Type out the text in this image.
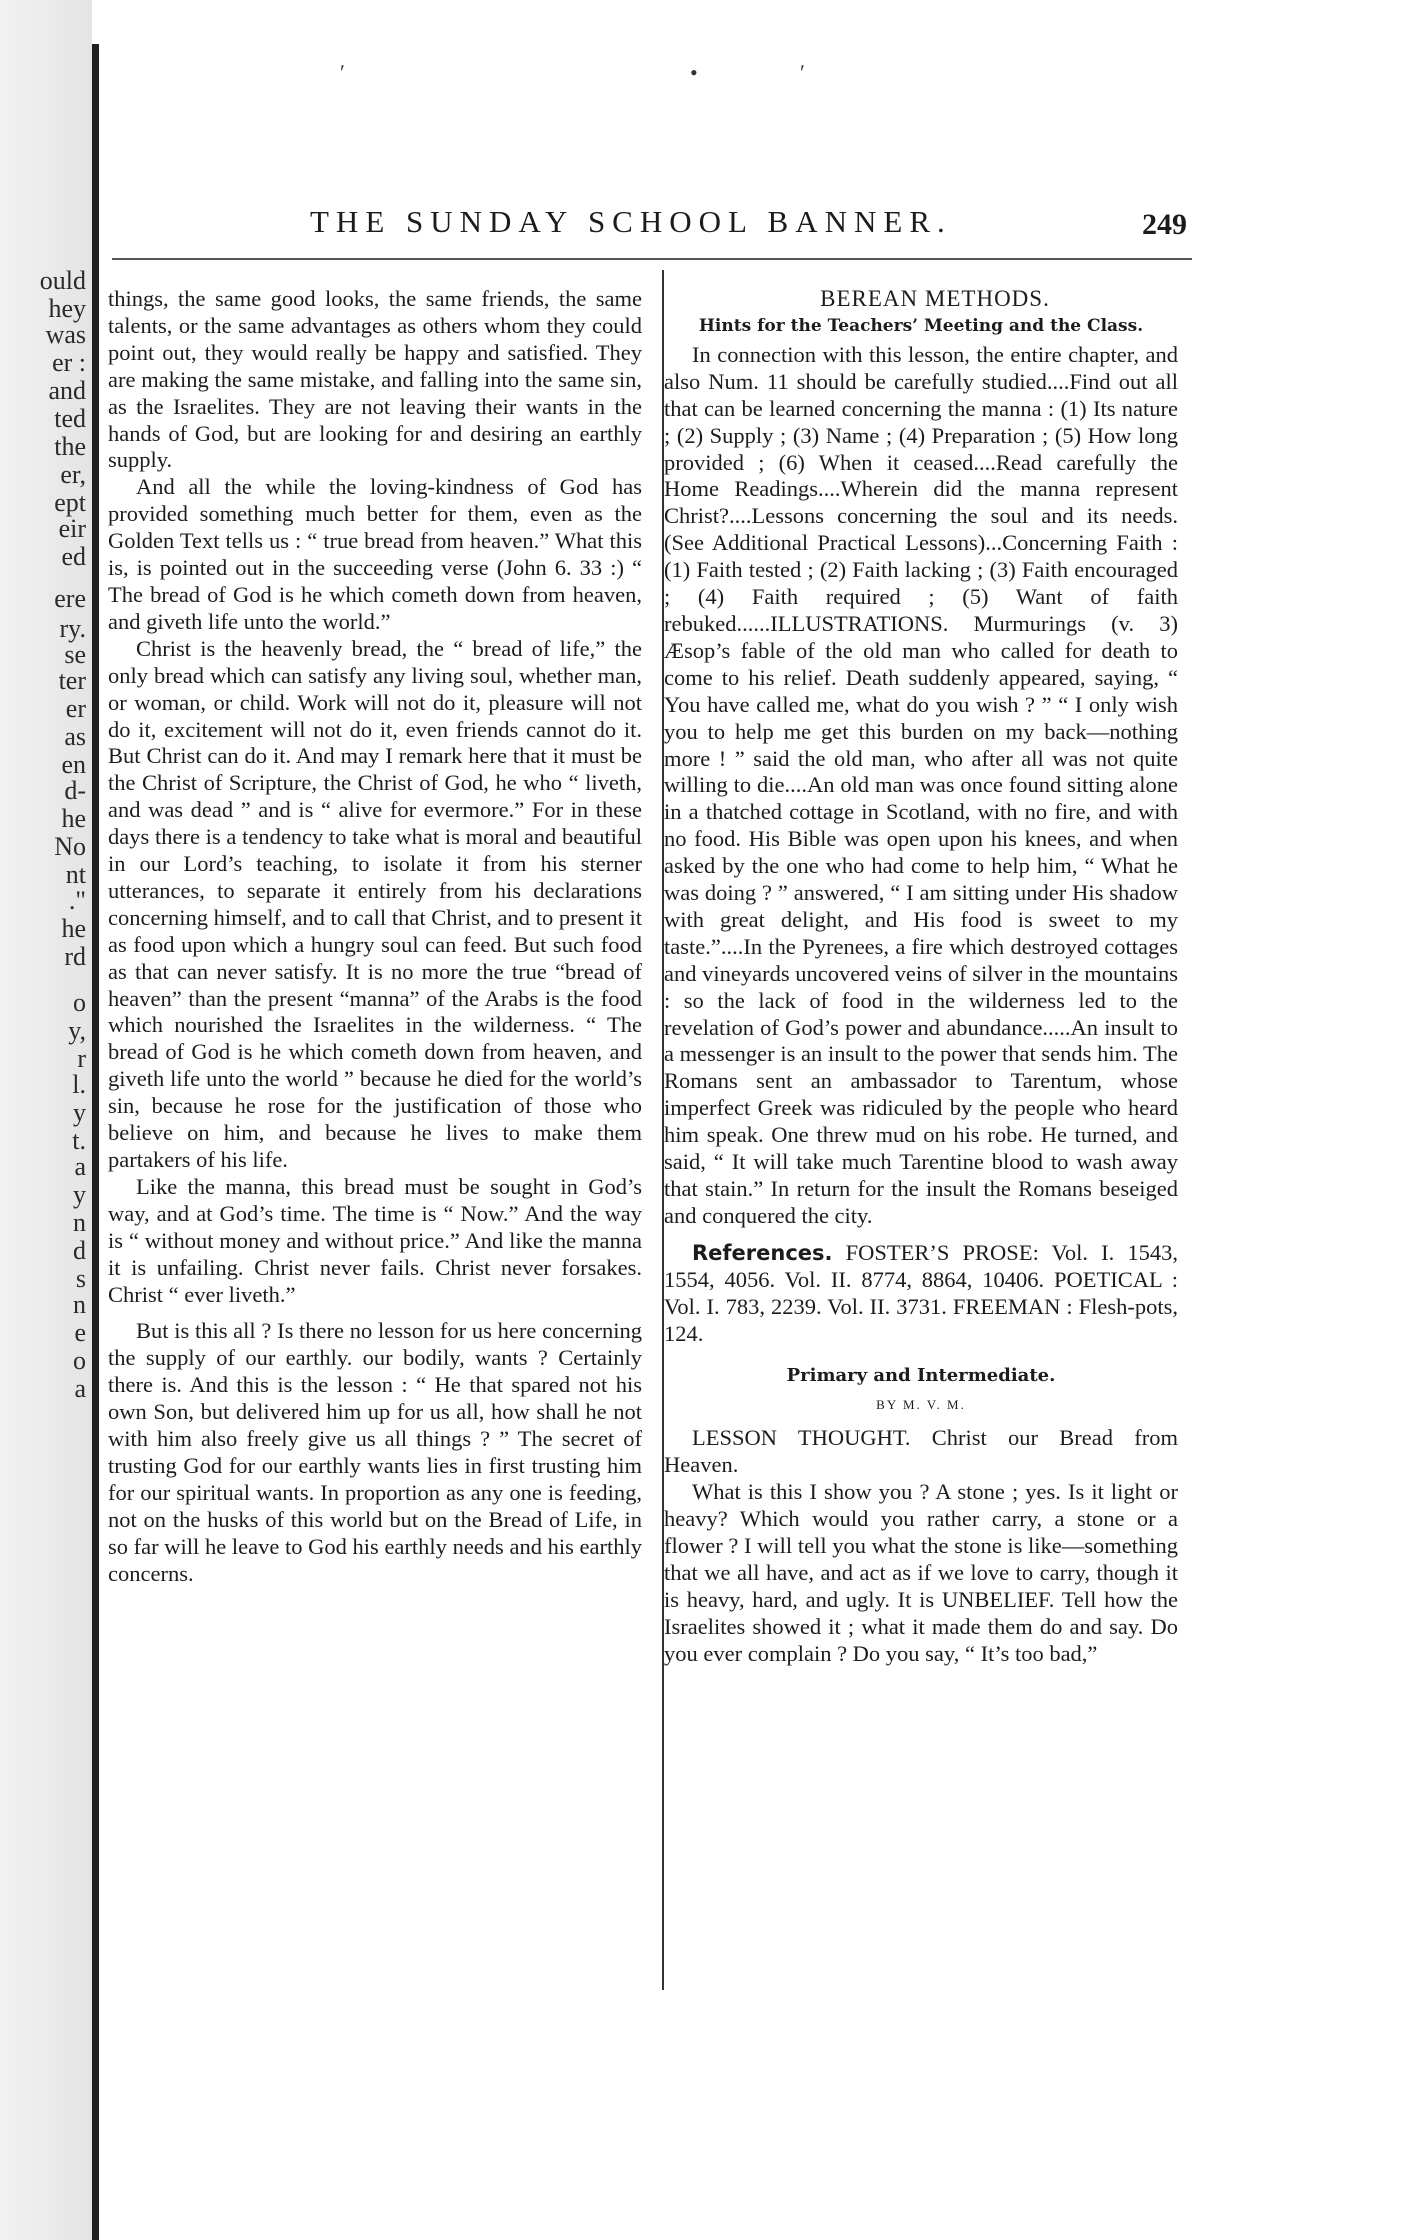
ould
hey
was
er :
and
ted
the
er,
ept
eir
ed
ere
ry.
se
ter
er
as
en
d-
he
No
nt
."
he
rd
o
y,
r
l.
y
t.
a
y
n
d
s
n
e
o
a
ʹ	•	ʹ
THE SUNDAY SCHOOL BANNER.	249

things, the same good looks, the same friends, the same talents, or the same advantages as others whom they could point out, they would really be happy and satisfied. They are making the same mistake, and falling into the same sin, as the Israelites. They are not leaving their wants in the hands of God, but are looking for and desiring an earthly supply.

And all the while the loving-kindness of God has provided something much better for them, even as the Golden Text tells us : “ true bread from heaven.” What this is, is pointed out in the succeeding verse (John 6. 33 :) “ The bread of God is he which cometh down from heaven, and giveth life unto the world.”

Christ is the heavenly bread, the “ bread of life,” the only bread which can satisfy any living soul, whether man, or woman, or child. Work will not do it, pleasure will not do it, excitement will not do it, even friends cannot do it. But Christ can do it. And may I remark here that it must be the Christ of Scripture, the Christ of God, he who “ liveth, and was dead ” and is “ alive for evermore.” For in these days there is a tendency to take what is moral and beautiful in our Lord’s teaching, to isolate it from his sterner utterances, to separate it entirely from his declarations concerning himself, and to call that Christ, and to present it as food upon which a hungry soul can feed. But such food as that can never satisfy. It is no more the true “bread of heaven” than the present “manna” of the Arabs is the food which nourished the Israelites in the wilderness. “ The bread of God is he which cometh down from heaven, and giveth life unto the world ” because he died for the world’s sin, because he rose for the justification of those who believe on him, and because he lives to make them partakers of his life.

Like the manna, this bread must be sought in God’s way, and at God’s time. The time is “ Now.” And the way is “ without money and without price.” And like the manna it is unfailing. Christ never fails. Christ never forsakes. Christ “ ever liveth.”

But is this all ? Is there no lesson for us here concerning the supply of our earthly. our bodily, wants ? Certainly there is. And this is the lesson : “ He that spared not his own Son, but delivered him up for us all, how shall he not with him also freely give us all things ? ” The secret of trusting God for our earthly wants lies in first trusting him for our spiritual wants. In proportion as any one is feeding, not on the husks of this world but on the Bread of Life, in so far will he leave to God his earthly needs and his earthly concerns.

BEREAN METHODS.

Hints for the Teachers’ Meeting and the Class.

In connection with this lesson, the entire chapter, and also Num. 11 should be carefully studied....Find out all that can be learned concerning the manna : (1) Its nature ; (2) Supply ; (3) Name ; (4) Preparation ; (5) How long provided ; (6) When it ceased....Read carefully the Home Readings....Wherein did the manna represent Christ?....Lessons concerning the soul and its needs. (See Additional Practical Lessons)...Concerning Faith : (1) Faith tested ; (2) Faith lacking ; (3) Faith encouraged ; (4) Faith required ; (5) Want of faith rebuked......ILLUSTRATIONS. Murmurings (v. 3) Æsop’s fable of the old man who called for death to come to his relief. Death suddenly appeared, saying, “ You have called me, what do you wish ? ” “ I only wish you to help me get this burden on my back—nothing more ! ” said the old man, who after all was not quite willing to die....An old man was once found sitting alone in a thatched cottage in Scotland, with no fire, and with no food. His Bible was open upon his knees, and when asked by the one who had come to help him, “ What he was doing ? ” answered, “ I am sitting under His shadow with great delight, and His food is sweet to my taste.”....In the Pyrenees, a fire which destroyed cottages and vineyards uncovered veins of silver in the mountains : so the lack of food in the wilderness led to the revelation of God’s power and abundance.....An insult to a messenger is an insult to the power that sends him. The Romans sent an ambassador to Tarentum, whose imperfect Greek was ridiculed by the people who heard him speak. One threw mud on his robe. He turned, and said, “ It will take much Tarentine blood to wash away that stain.” In return for the insult the Romans beseiged and conquered the city.

References. FOSTER’S PROSE: Vol. I. 1543, 1554, 4056. Vol. II. 8774, 8864, 10406. POETICAL : Vol. I. 783, 2239. Vol. II. 3731. FREEMAN : Flesh-pots, 124.

Primary and Intermediate.
BY M. V. M.

LESSON THOUGHT. Christ our Bread from Heaven.

What is this I show you ? A stone ; yes. Is it light or heavy? Which would you rather carry, a stone or a flower ? I will tell you what the stone is like—something that we all have, and act as if we love to carry, though it is heavy, hard, and ugly. It is UNBELIEF. Tell how the Israelites showed it ; what it made them do and say. Do you ever complain ? Do you say, “ It’s too bad,”
